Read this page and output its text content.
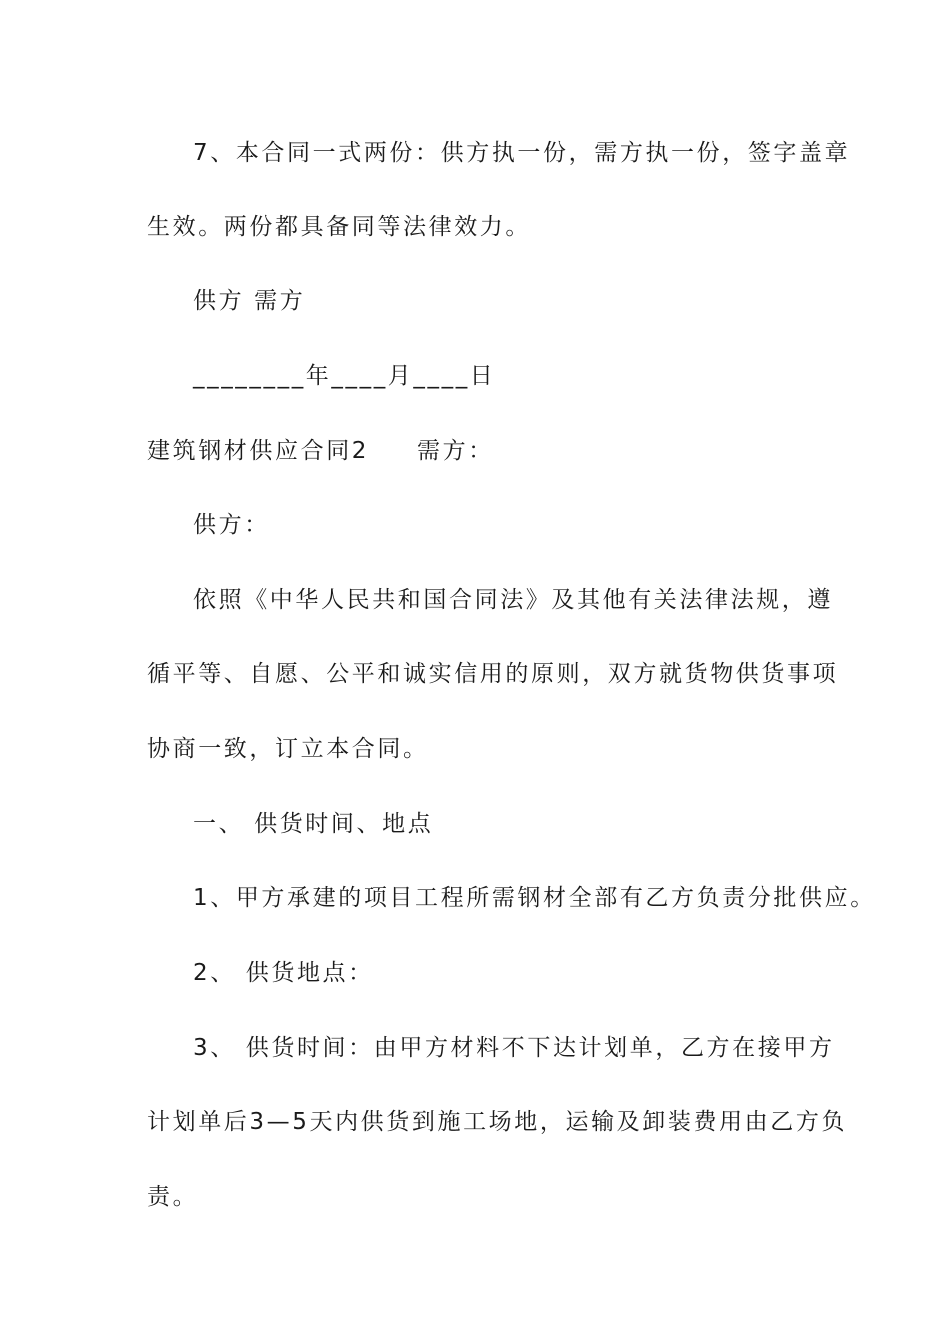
7、本合同一式两份：供方执一份，需方执一份，签字盖章
生效。两份都具备同等法律效力。
供方 需方
________年____月____日
建筑钢材供应合同2 需方：
供方：
依照《中华人民共和国合同法》及其他有关法律法规，遵
循平等、自愿、公平和诚实信用的原则，双方就货物供货事项
协商一致，订立本合同。
一、 供货时间、地点
1、甲方承建的项目工程所需钢材全部有乙方负责分批供应。
2、 供货地点：
3、 供货时间：由甲方材料不下达计划单，乙方在接甲方
计划单后3—5天内供货到施工场地，运输及卸装费用由乙方负
责。
